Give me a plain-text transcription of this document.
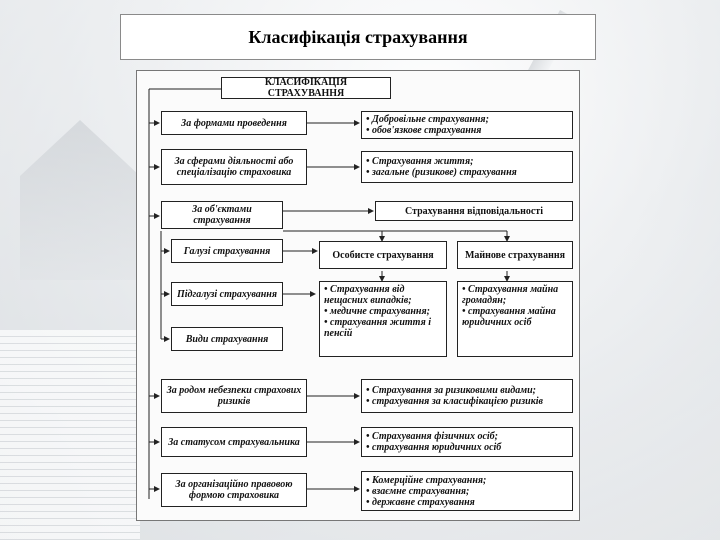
Класифікація страхування
КЛАСИФІКАЦІЯ СТРАХУВАННЯ
За формами проведення
За сферами діяльності або спеціалізацію страховика
За об'єктами страхування
За родом небезпеки страхових ризиків
За статусом страхувальника
За організаційно правовою формою страховика
• Добровільне страхування;
• обов'язкове страхування
• Страхування життя;
• загальне (ризикове) страхування
Страхування відповідальності
Галузі страхування
Підгалузі страхування
Види страхування
Особисте страхування	Майнове страхування
• Страхування від нещасних випадків;
• медичне страхування;
• страхування життя і пенсій
• Страхування майна громадян;
• страхування майна юридичних осіб
• Страхування за ризиковими видами;
• страхування за класифікацією ризиків
• Страхування фізичних осіб;
• страхування юридичних осіб
• Комерційне страхування;
• взаємне страхування;
• державне страхування
